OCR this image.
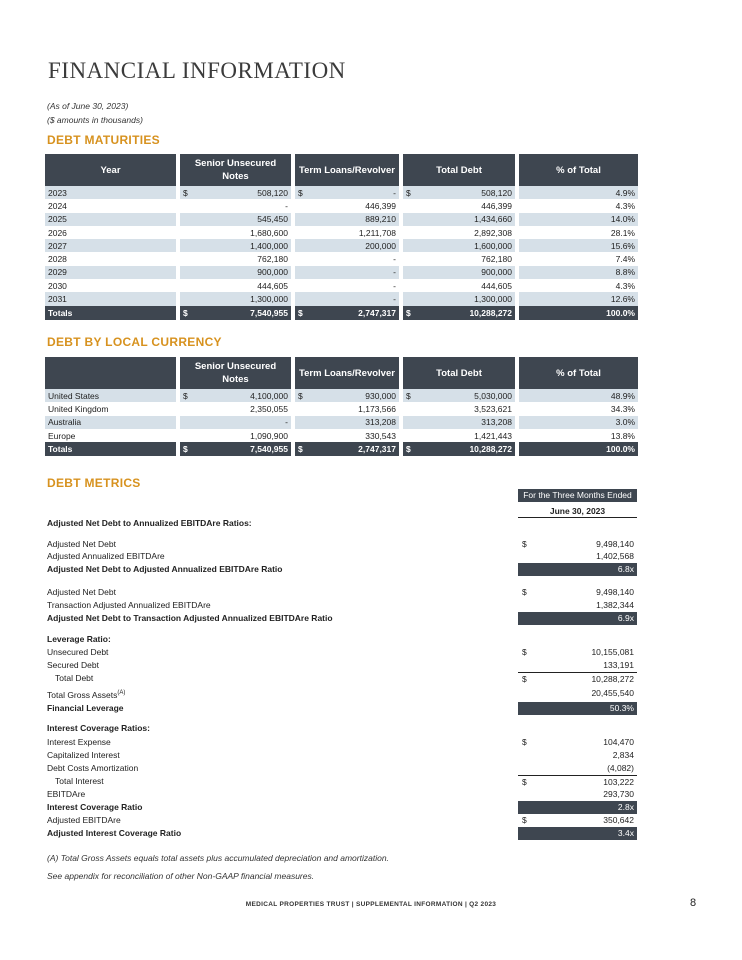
FINANCIAL INFORMATION
(As of June 30, 2023)
($ amounts in thousands)
DEBT MATURITIES
Year	Senior Unsecured Notes	Term Loans/Revolver	Total Debt	% of Total
2023	$ 508,120	$ -	$ 508,120	4.9%
2024	-	446,399	446,399	4.3%
2025	545,450	889,210	1,434,660	14.0%
2026	1,680,600	1,211,708	2,892,308	28.1%
2027	1,400,000	200,000	1,600,000	15.6%
2028	762,180	-	762,180	7.4%
2029	900,000	-	900,000	8.8%
2030	444,605	-	444,605	4.3%
2031	1,300,000	-	1,300,000	12.6%
Totals	$ 7,540,955	$ 2,747,317	$ 10,288,272	100.0%
DEBT BY LOCAL CURRENCY
	Senior Unsecured Notes	Term Loans/Revolver	Total Debt	% of Total
United States	$ 4,100,000	$ 930,000	$ 5,030,000	48.9%
United Kingdom	2,350,055	1,173,566	3,523,621	34.3%
Australia	-	313,208	313,208	3.0%
Europe	1,090,900	330,543	1,421,443	13.8%
Totals	$ 7,540,955	$ 2,747,317	$ 10,288,272	100.0%
DEBT METRICS
For the Three Months Ended
June 30, 2023
Adjusted Net Debt to Annualized EBITDAre Ratios:
Adjusted Net Debt	$	9,498,140
Adjusted Annualized EBITDAre	1,402,568
Adjusted Net Debt to Adjusted Annualized EBITDAre Ratio	6.8x
Adjusted Net Debt	$	9,498,140
Transaction Adjusted Annualized EBITDAre	1,382,344
Adjusted Net Debt to Transaction Adjusted Annualized EBITDAre Ratio	6.9x
Leverage Ratio:
Unsecured Debt	$	10,155,081
Secured Debt	133,191
Total Debt	$	10,288,272
Total Gross Assets$^{(A)}$	20,455,540
Financial Leverage	50.3%
Interest Coverage Ratios:
Interest Expense	$	104,470
Capitalized Interest	2,834
Debt Costs Amortization	(4,082)
Total Interest	$	103,222
EBITDAre	293,730
Interest Coverage Ratio	2.8x
Adjusted EBITDAre	$	350,642
Adjusted Interest Coverage Ratio	3.4x
(A) Total Gross Assets equals total assets plus accumulated depreciation and amortization.
See appendix for reconciliation of other Non-GAAP financial measures.
MEDICAL PROPERTIES TRUST | SUPPLEMENTAL INFORMATION | Q2 2023	8
